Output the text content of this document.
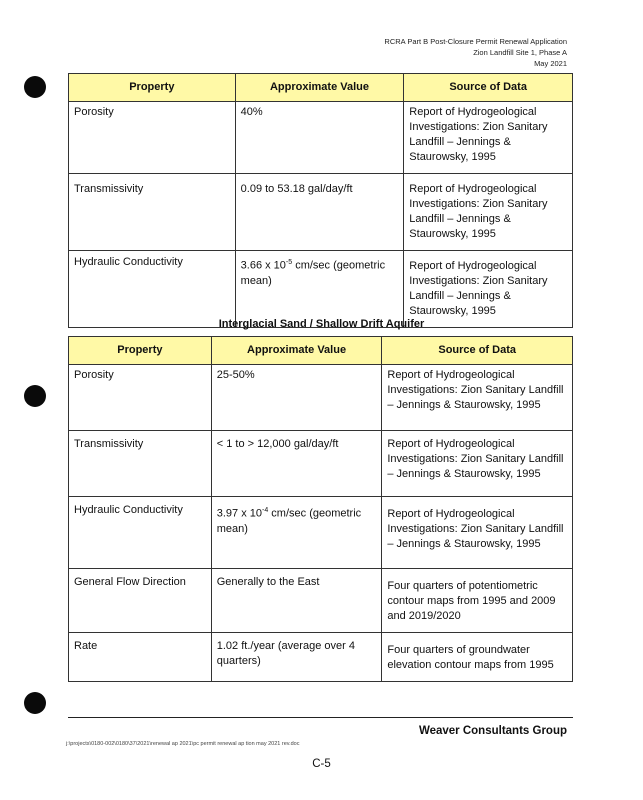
RCRA Part B Post-Closure Permit Renewal Application
Zion Landfill Site 1, Phase A
May 2021
Property	Approximate Value	Source of Data
Porosity	40%	Report of Hydrogeological Investigations: Zion Sanitary Landfill – Jennings & Staurowsky, 1995
Transmissivity	0.09 to 53.18 gal/day/ft	Report of Hydrogeological Investigations: Zion Sanitary Landfill – Jennings & Staurowsky, 1995
Hydraulic Conductivity	3.66 x $10^{-5}$ cm/sec (geometric mean)	Report of Hydrogeological Investigations: Zion Sanitary Landfill – Jennings & Staurowsky, 1995
Interglacial Sand / Shallow Drift Aquifer
Property	Approximate Value	Source of Data
Porosity	25-50%	Report of Hydrogeological Investigations: Zion Sanitary Landfill – Jennings & Staurowsky, 1995
Transmissivity	< 1 to > 12,000 gal/day/ft	Report of Hydrogeological Investigations: Zion Sanitary Landfill – Jennings & Staurowsky, 1995
Hydraulic Conductivity	3.97 x $10^{-4}$ cm/sec (geometric mean)	Report of Hydrogeological Investigations: Zion Sanitary Landfill – Jennings & Staurowsky, 1995
General Flow Direction	Generally to the East	Four quarters of potentiometric contour maps from 1995 and 2009 and 2019/2020
Rate	1.02 ft./year (average over 4 quarters)	Four quarters of groundwater elevation contour maps from 1995
Weaver Consultants Group
j:\projects\0180-002\0180\37\2021\renewal ap 2021\pc permit renewal ap tion may 2021 rev.doc
C-5
